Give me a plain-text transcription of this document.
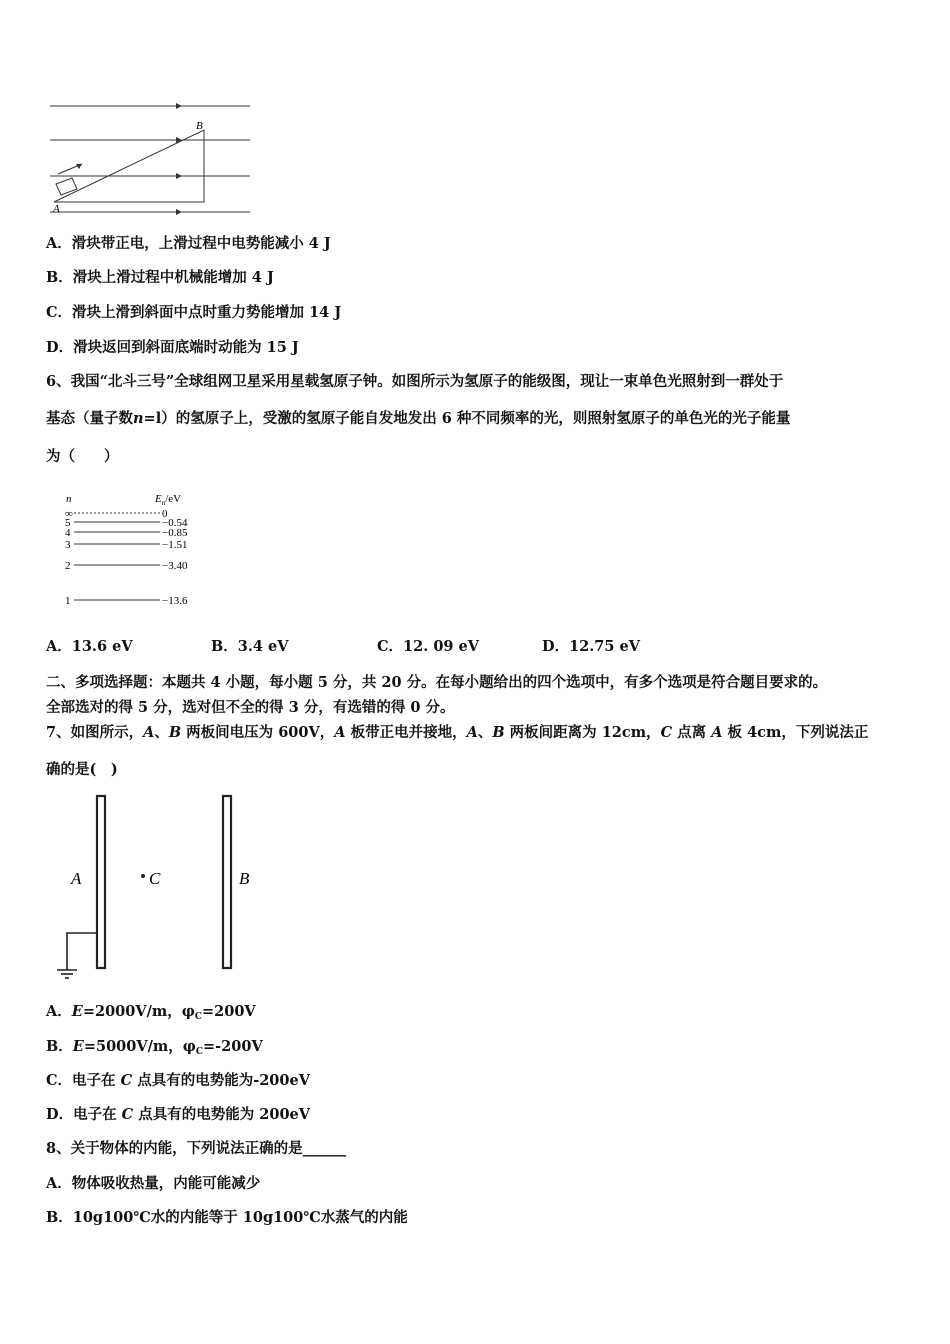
A
B
A．滑块带正电，上滑过程中电势能减小 4 J
B．滑块上滑过程中机械能增加 4 J
C．滑块上滑到斜面中点时重力势能增加 14 J
D．滑块返回到斜面底端时动能为 15 J
6、我国“北斗三号”全球组网卫星采用星载氢原子钟。如图所示为氢原子的能级图，现让一束单色光照射到一群处于
基态（量子数n=l）的氢原子上，受激的氢原子能自发地发出 6 种不同频率的光，则照射氢原子的单色光的光子能量
为（　　）
n	$E_n/eV$
∞	0
5	−0.54
4	−0.85
3	−1.51
2	−3.40
1	−13.6
A．13.6 eV	B．3.4 eV	C．12. 09 eV	D．12.75 eV
二、多项选择题：本题共 4 小题，每小题 5 分，共 20 分。在每小题给出的四个选项中，有多个选项是符合题目要求的。
全部选对的得 5 分，选对但不全的得 3 分，有选错的得 0 分。
7、如图所示，A、B 两板间电压为 600V，A 板带正电并接地，A、B 两板间距离为 12cm，C 点离 A 板 4cm，下列说法正
确的是(　)
A	C	B
A．E=2000V/m，$\varphi_C=200V$
B．E=5000V/m，$\varphi_C=-200V$
C．电子在 C 点具有的电势能为-200eV
D．电子在 C 点具有的电势能为 200eV
8、关于物体的内能，下列说法正确的是______
A．物体吸收热量，内能可能减少
B．10g100℃水的内能等于 10g100℃水蒸气的内能
